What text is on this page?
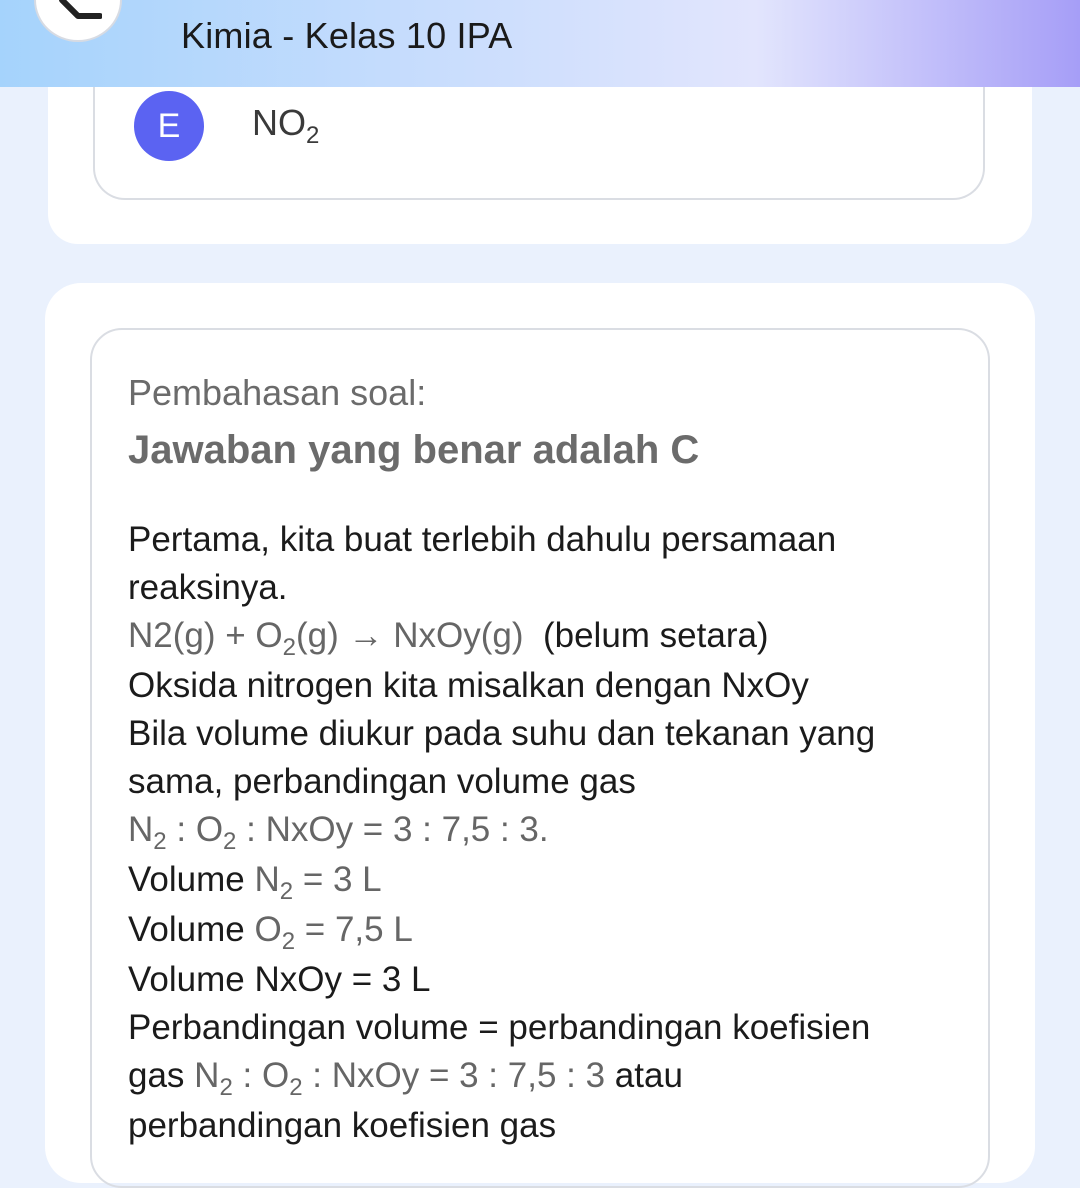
Kimia - Kelas 10 IPA
E	$NO_2$
Pembahasan soal:
Jawaban yang benar adalah C
Pertama, kita buat terlebih dahulu persamaan
reaksinya.
$N2(g) + O_2(g)$ → NxOy(g) (belum setara)
Oksida nitrogen kita misalkan dengan NxOy
Bila volume diukur pada suhu dan tekanan yang
sama, perbandingan volume gas
$N_2$ : $O_2$ : NxOy = 3 : 7,5 : 3.
Volume $N_2 = 3$ L
Volume $O_2 = 7,5$ L
Volume NxOy = 3 L
Perbandingan volume = perbandingan koefisien
gas $N_2$ : $O_2$ : NxOy = 3 : 7,5 : 3 atau
perbandingan koefisien gas
